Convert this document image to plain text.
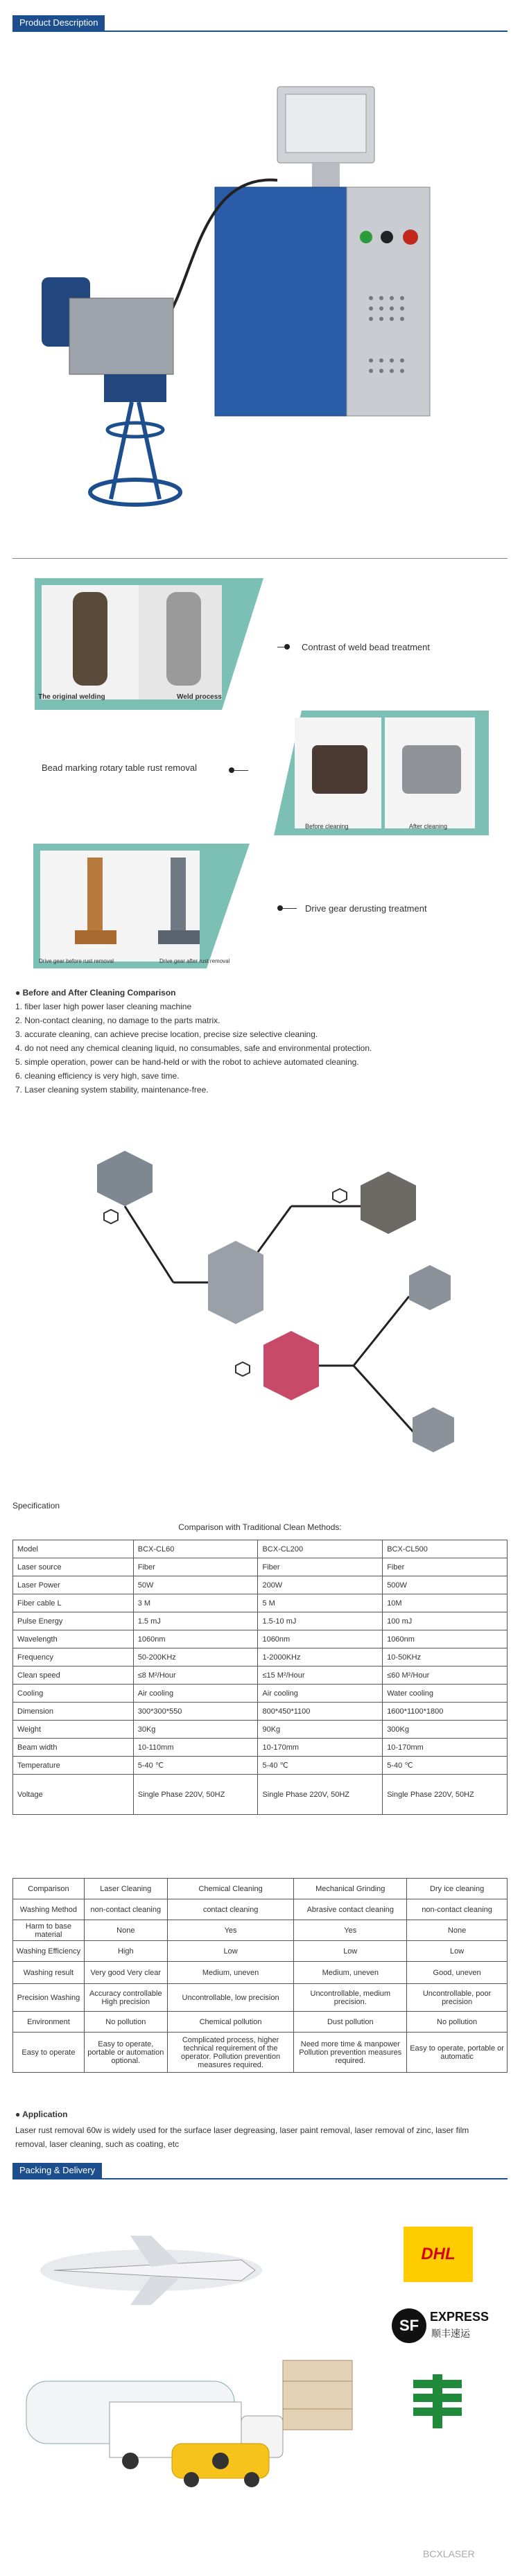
Product Description
The original welding	Weld process
Contrast of weld bead treatment
Bead marking rotary table rust removal
Before cleaning	After cleaning
Drive gear before rust removal	Drive gear after rust removal
Drive gear derusting treatment
● Before and After Cleaning Comparison
1. fiber laser high power laser cleaning machine
2. Non-contact cleaning, no damage to the parts matrix.
3. accurate cleaning, can achieve precise location, precise size selective cleaning.
4. do not need any chemical cleaning liquid, no consumables, safe and environmental protection.
5. simple operation, power can be hand-held or with the robot to achieve automated cleaning.
6. cleaning efficiency is very high, save time.
7. Laser cleaning system stability, maintenance-free.
Specification
Comparison with Traditional Clean Methods:
Model	BCX-CL60	BCX-CL200	BCX-CL500
Laser source	Fiber	Fiber	Fiber
Laser Power	50W	200W	500W
Fiber cable L	3 M	5 M	10M
Pulse Energy	1.5 mJ	1.5-10 mJ	100 mJ
Wavelength	1060nm	1060nm	1060nm
Frequency	50-200KHz	1-2000KHz	10-50KHz
Clean speed	≤8 M²/Hour	≤15 M²/Hour	≤60 M²/Hour
Cooling	Air cooling	Air cooling	Water cooling
Dimension	300*300*550	800*450*1100	1600*1100*1800
Weight	30Kg	90Kg	300Kg
Beam width	10-110mm	10-170mm	10-170mm
Temperature	5-40 ℃	5-40 ℃	5-40 ℃
Voltage	Single Phase 220V, 50HZ	Single Phase 220V, 50HZ	Single Phase 220V, 50HZ
Comparison	Laser Cleaning	Chemical Cleaning	Mechanical Grinding	Dry ice cleaning
Washing Method	non-contact cleaning	contact cleaning	Abrasive contact cleaning	non-contact cleaning
Harm to base material	None	Yes	Yes	None
Washing Efficiency	High	Low	Low	Low
Washing result	Very good Very clear	Medium, uneven	Medium, uneven	Good, uneven
Precision Washing	Accuracy controllable High precision	Uncontrollable, low precision	Uncontrollable, medium precision.	Uncontrollable, poor precision
Environment	No pollution	Chemical pollution	Dust pollution	No pollution
Easy to operate	Easy to operate, portable or automation optional.	Complicated process, higher technical requirement of the operator. Pollution prevention measures required.	Need more time & manpower Pollution prevention measures required.	Easy to operate, portable or automatic
● Application
Laser rust removal 60w is widely used for the surface laser degreasing, laser paint removal, laser removal of zinc, laser film removal, laser cleaning, such as coating, etc
Packing & Delivery
DHL
SF EXPRESS
顺丰速运
BCXLASER
